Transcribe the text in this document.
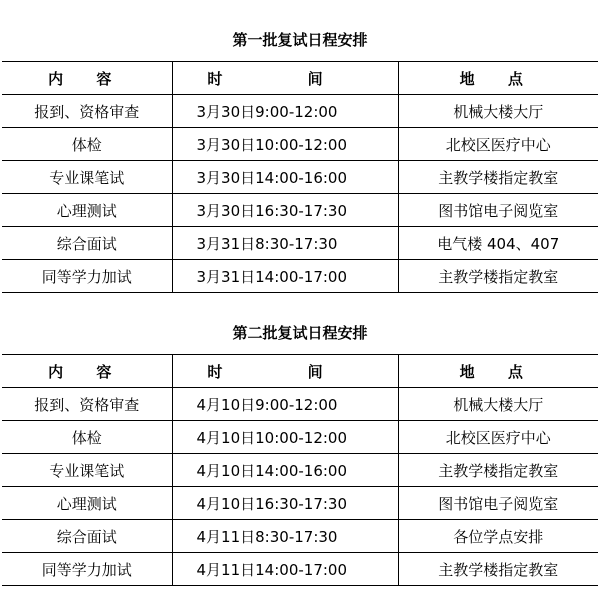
第一批复试日程安排
内 容	时 间	地 点
报到、资格审查	3月30日9:00-12:00	机械大楼大厅
体检	3月30日10:00-12:00	北校区医疗中心
专业课笔试	3月30日14:00-16:00	主教学楼指定教室
心理测试	3月30日16:30-17:30	图书馆电子阅览室
综合面试	3月31日8:30-17:30	电气楼 404、407
同等学力加试	3月31日14:00-17:00	主教学楼指定教室
第二批复试日程安排
内 容	时 间	地 点
报到、资格审查	4月10日9:00-12:00	机械大楼大厅
体检	4月10日10:00-12:00	北校区医疗中心
专业课笔试	4月10日14:00-16:00	主教学楼指定教室
心理测试	4月10日16:30-17:30	图书馆电子阅览室
综合面试	4月11日8:30-17:30	各位学点安排
同等学力加试	4月11日14:00-17:00	主教学楼指定教室
